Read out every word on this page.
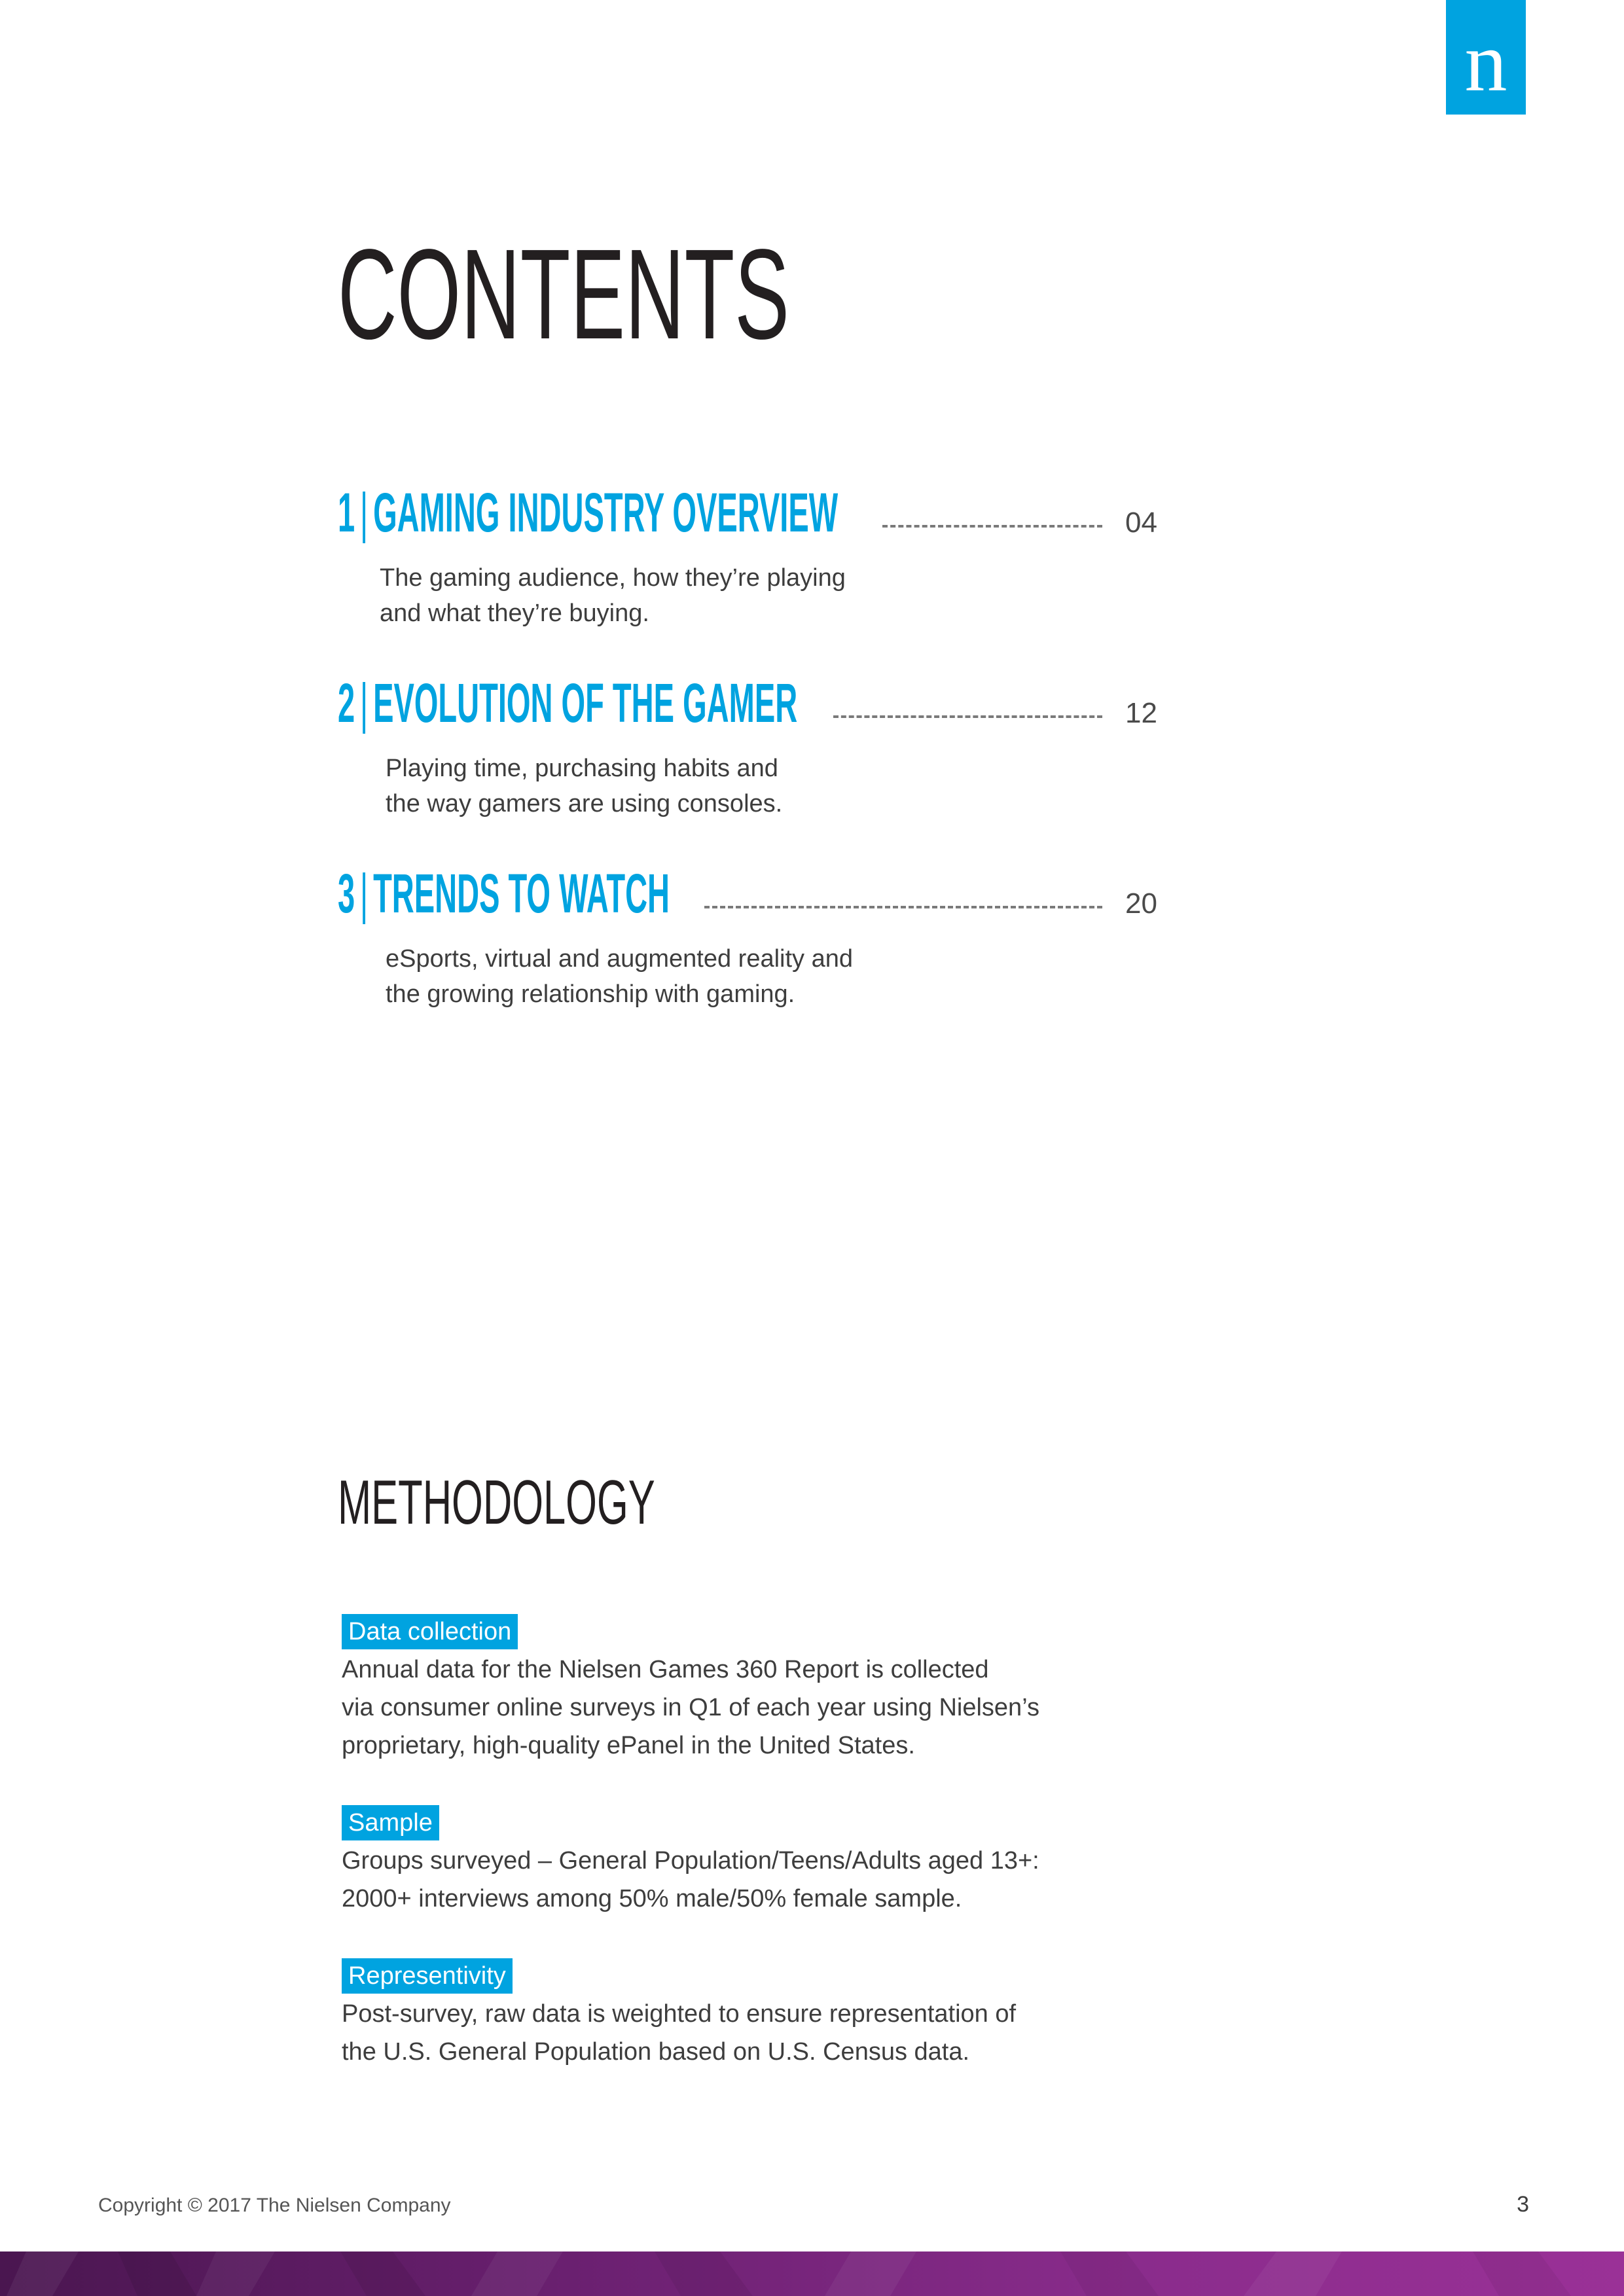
n
CONTENTS
1|GAMING INDUSTRY OVERVIEW	04
The gaming audience, how they’re playing
and what they’re buying.
2|EVOLUTION OF THE GAMER	12
Playing time, purchasing habits and
the way gamers are using consoles.
3|TRENDS TO WATCH	20
eSports, virtual and augmented reality and
the growing relationship with gaming.
METHODOLOGY
Data collection
Annual data for the Nielsen Games 360 Report is collected
via consumer online surveys in Q1 of each year using Nielsen’s
proprietary, high-quality ePanel in the United States.
Sample
Groups surveyed – General Population/Teens/Adults aged 13+:
2000+ interviews among 50% male/50% female sample.
Representivity
Post-survey, raw data is weighted to ensure representation of
the U.S. General Population based on U.S. Census data.
Copyright © 2017 The Nielsen Company	3
